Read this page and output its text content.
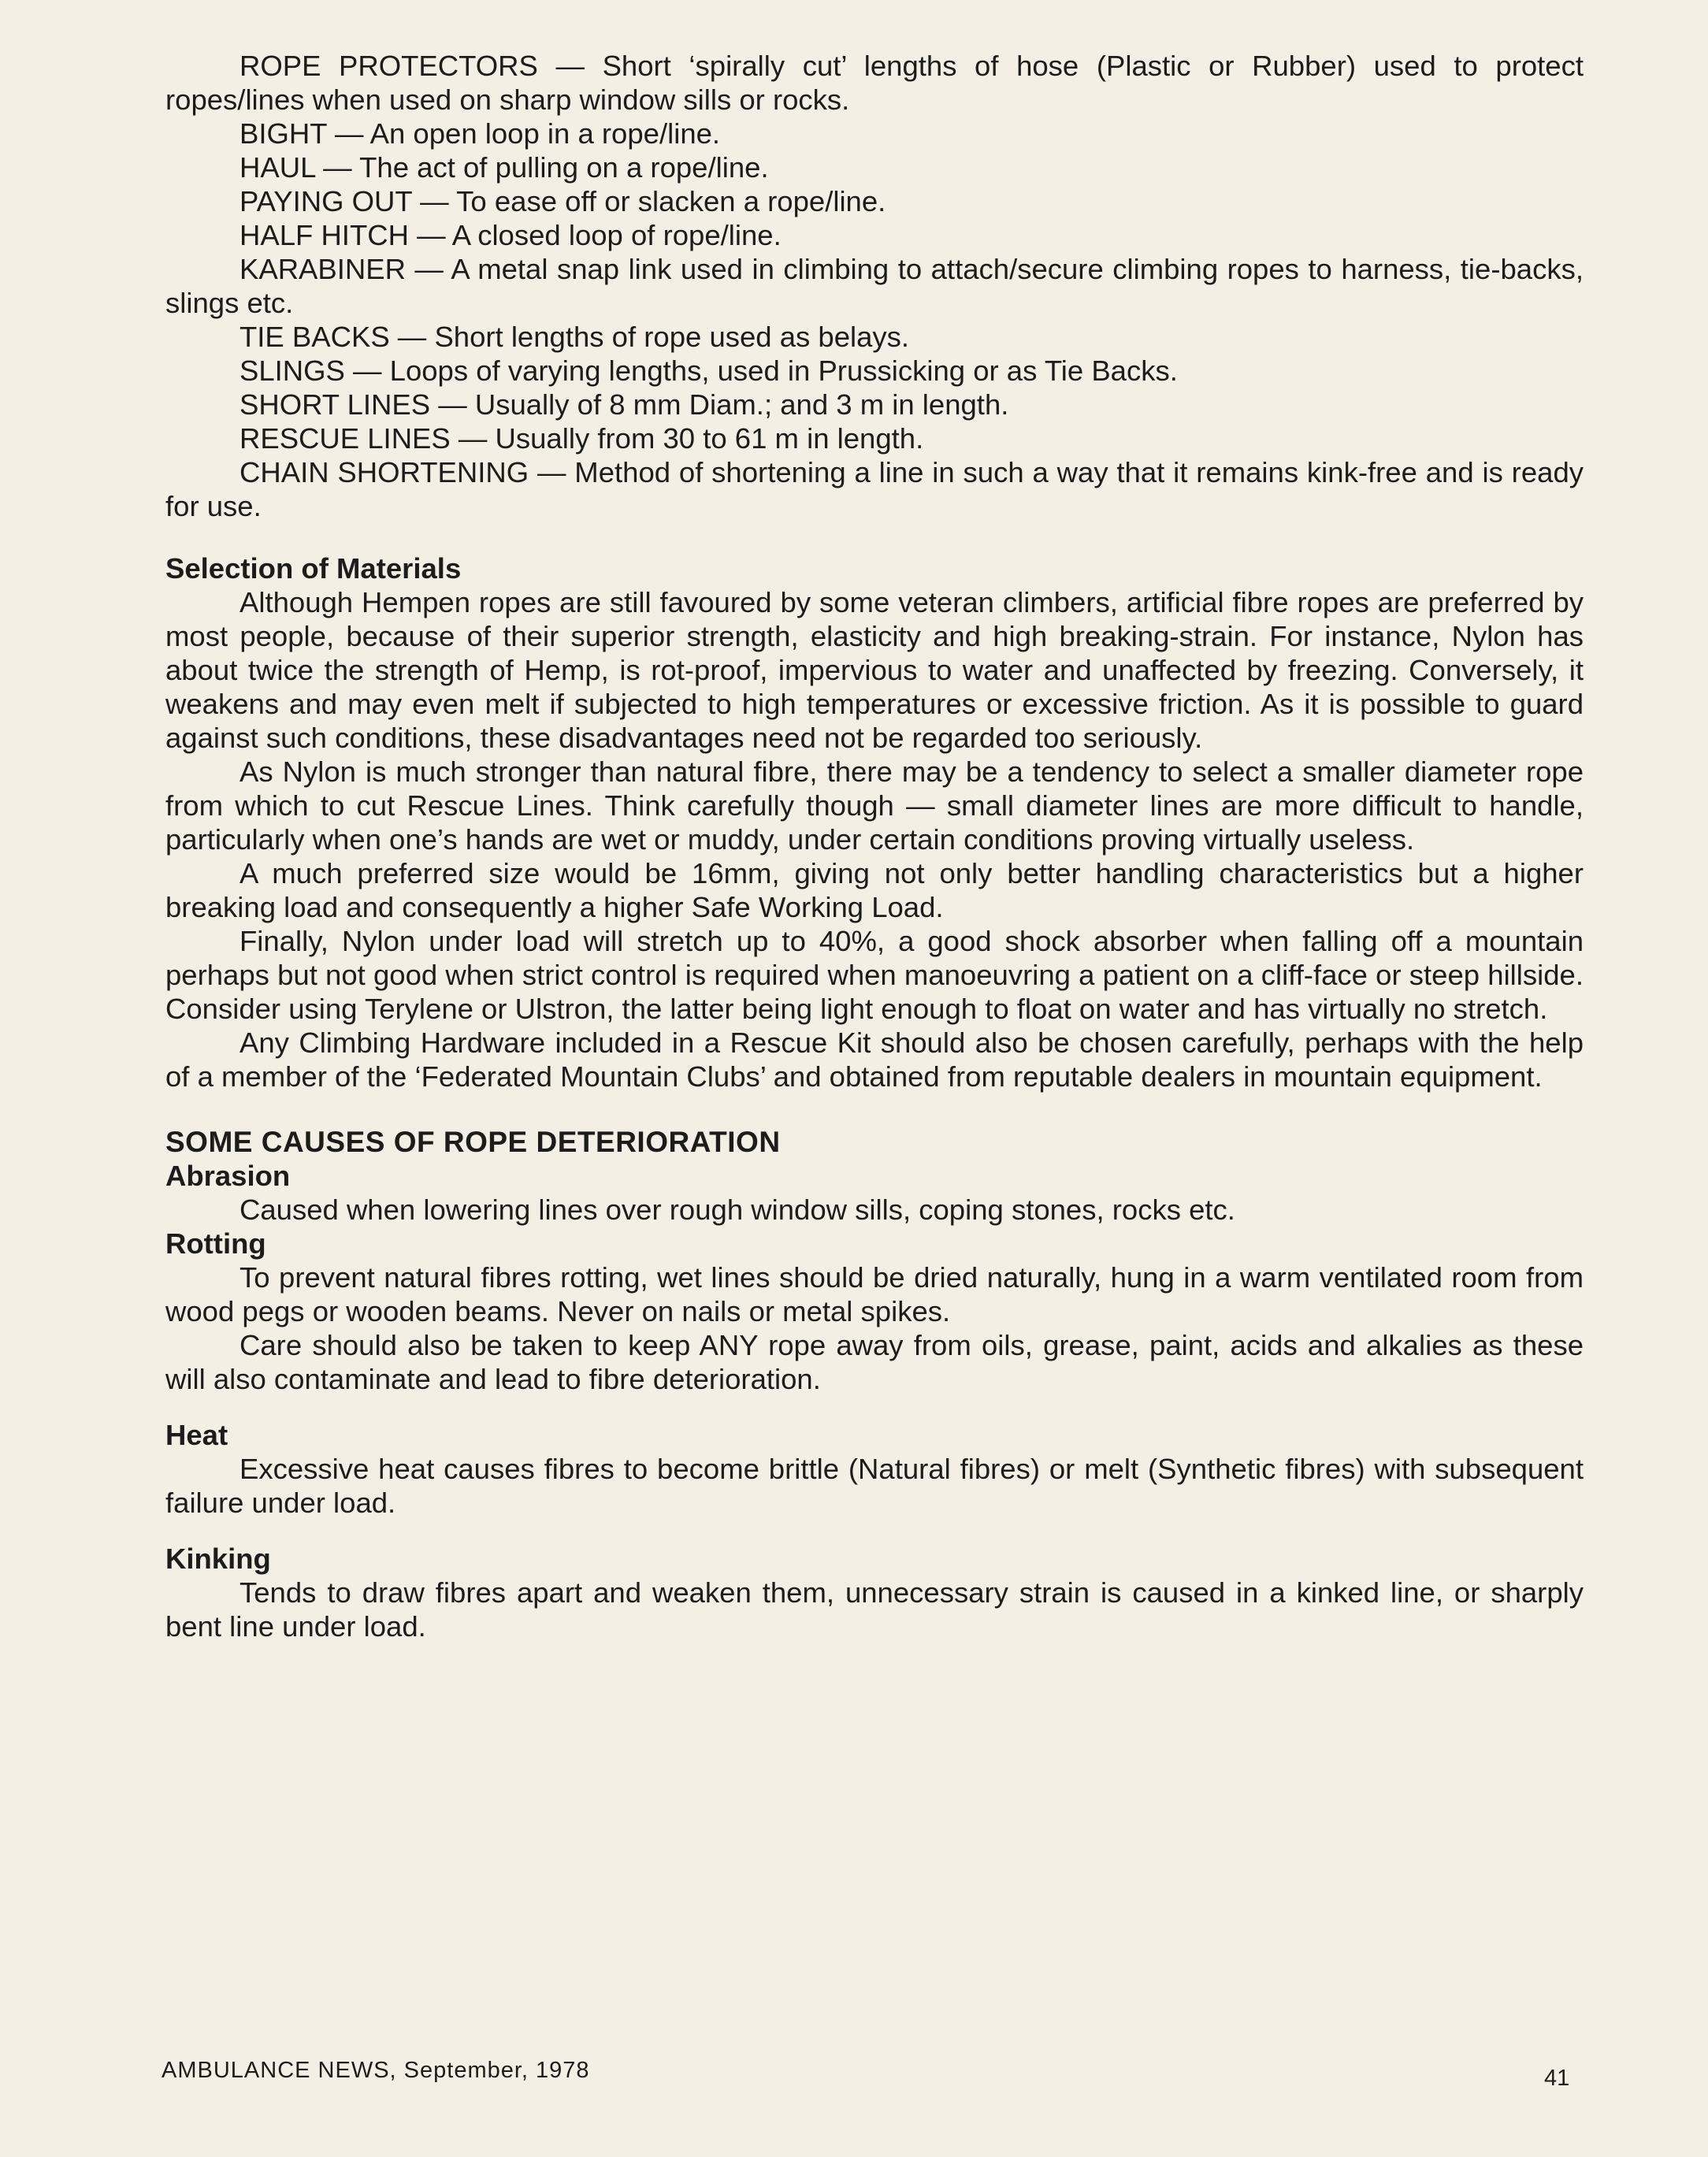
ROPE PROTECTORS — Short ‘spirally cut’ lengths of hose (Plastic or Rubber) used to protect ropes/lines when used on sharp window sills or rocks.

BIGHT — An open loop in a rope/line.

HAUL — The act of pulling on a rope/line.

PAYING OUT — To ease off or slacken a rope/line.

HALF HITCH — A closed loop of rope/line.

KARABINER — A metal snap link used in climbing to attach/secure climbing ropes to harness, tie-backs, slings etc.

TIE BACKS — Short lengths of rope used as belays.

SLINGS — Loops of varying lengths, used in Prussicking or as Tie Backs.

SHORT LINES — Usually of 8 mm Diam.; and 3 m in length.

RESCUE LINES — Usually from 30 to 61 m in length.

CHAIN SHORTENING — Method of shortening a line in such a way that it remains kink-free and is ready for use.

Selection of Materials

Although Hempen ropes are still favoured by some veteran climbers, artificial fibre ropes are preferred by most people, because of their superior strength, elasticity and high breaking-strain. For instance, Nylon has about twice the strength of Hemp, is rot-proof, impervious to water and unaffected by freezing. Conversely, it weakens and may even melt if subjected to high temperatures or excessive friction. As it is possible to guard against such conditions, these disadvantages need not be regarded too seriously.

As Nylon is much stronger than natural fibre, there may be a tendency to select a smaller diameter rope from which to cut Rescue Lines. Think carefully though — small diameter lines are more difficult to handle, particularly when one’s hands are wet or muddy, under certain conditions proving virtually useless.

A much preferred size would be 16mm, giving not only better handling characteristics but a higher breaking load and consequently a higher Safe Working Load.

Finally, Nylon under load will stretch up to 40%, a good shock absorber when falling off a mountain perhaps but not good when strict control is required when manoeuvring a patient on a cliff-face or steep hillside. Consider using Terylene or Ulstron, the latter being light enough to float on water and has virtually no stretch.

Any Climbing Hardware included in a Rescue Kit should also be chosen carefully, perhaps with the help of a member of the ‘Federated Mountain Clubs’ and obtained from reputable dealers in mountain equipment.

SOME CAUSES OF ROPE DETERIORATION
Abrasion

Caused when lowering lines over rough window sills, coping stones, rocks etc.

Rotting

To prevent natural fibres rotting, wet lines should be dried naturally, hung in a warm ventilated room from wood pegs or wooden beams. Never on nails or metal spikes.

Care should also be taken to keep ANY rope away from oils, grease, paint, acids and alkalies as these will also contaminate and lead to fibre deterioration.

Heat

Excessive heat causes fibres to become brittle (Natural fibres) or melt (Synthetic fibres) with subsequent failure under load.

Kinking

Tends to draw fibres apart and weaken them, unnecessary strain is caused in a kinked line, or sharply bent line under load.

AMBULANCE NEWS, September, 1978	41
